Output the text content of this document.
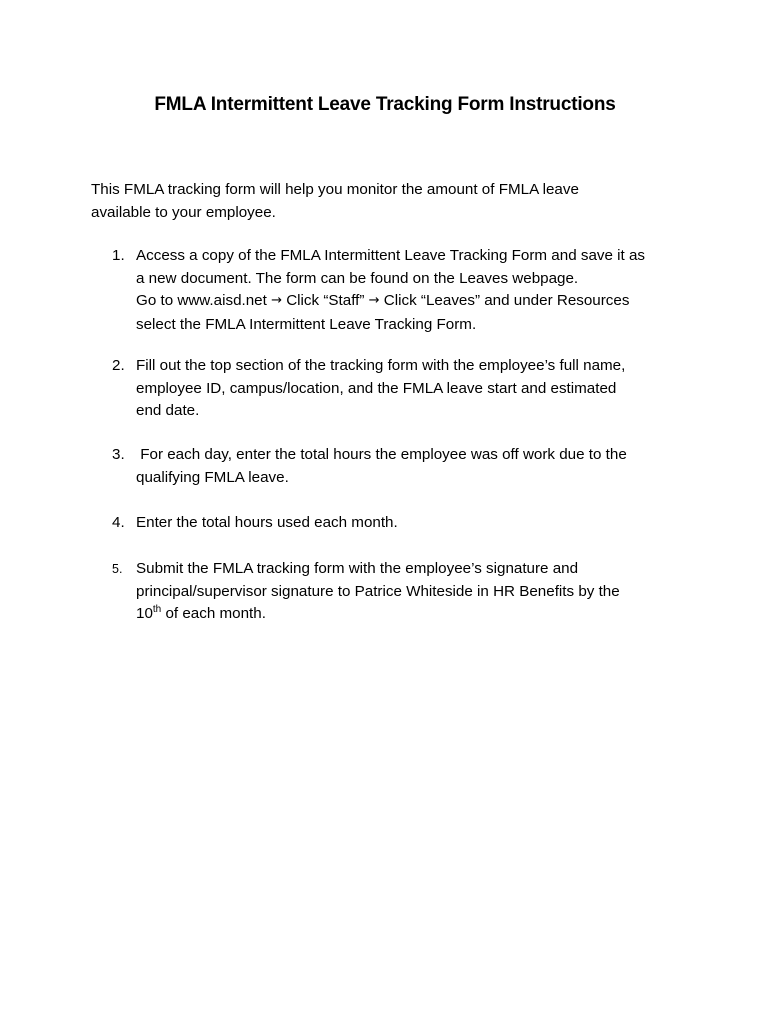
FMLA Intermittent Leave Tracking Form Instructions

This FMLA tracking form will help you monitor the amount of FMLA leave
available to your employee.

1. Access a copy of the FMLA Intermittent Leave Tracking Form and save it as
a new document. The form can be found on the Leaves webpage.
Go to www.aisd.net → Click “Staff” → Click “Leaves” and under Resources
select the FMLA Intermittent Leave Tracking Form.
2. Fill out the top section of the tracking form with the employee’s full name,
employee ID, campus/location, and the FMLA leave start and estimated
end date.
3. For each day, enter the total hours the employee was off work due to the
qualifying FMLA leave.
4. Enter the total hours used each month.
5. Submit the FMLA tracking form with the employee’s signature and
principal/supervisor signature to Patrice Whiteside in HR Benefits by the
10th of each month.
